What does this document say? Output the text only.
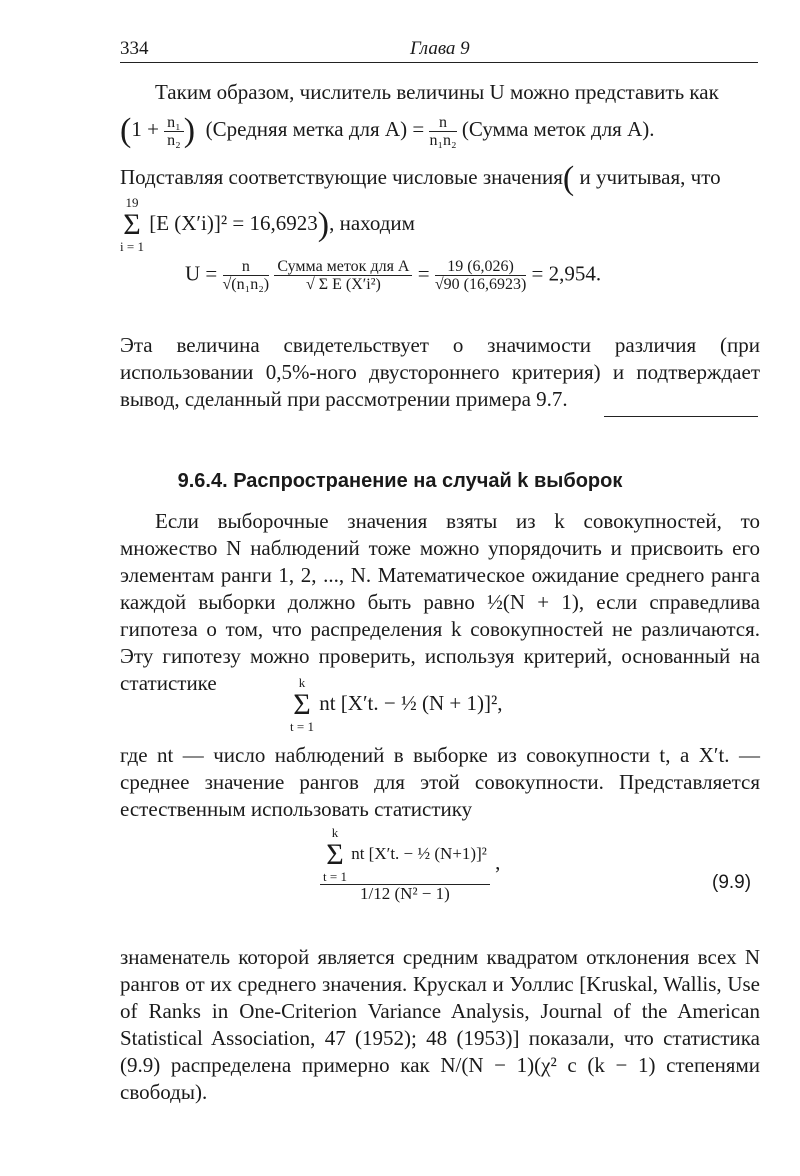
334	Глава 9
Таким образом, числитель величины U можно представить как
($1 + \frac{\text{n₁}}{\text{n₂}}$ ) (Средняя метка для $A) = \frac{n}{\text{n₁n₂}}$ (Сумма меток для A).
Подставляя соответствующие числовые значения( и учитывая, что
19
Σ
i = 1
[E (X′i)]² = 16,6923), находим
$U = \frac{n}{\text{√(n₁n₂)}}$
$\frac{\text{Сумма меток для A}}{\text{√ Σ E (X′i²)}} = \frac{19 (6,026)}{√90 (16,6923)} = 2,954$.
Эта величина свидетельствует о значимости различия (при использовании 0,5%-ного двустороннего критерия) и подтверждает вывод, сделанный при рассмотрении примера 9.7.
9.6.4. Распространение на случай k выборок
Если выборочные значения взяты из k совокупностей, то множество N наблюдений тоже можно упорядочить и присвоить его элементам ранги 1, 2, ..., N. Математическое ожидание среднего ранга каждой выборки должно быть равно ½(N + 1), если справедлива гипотеза о том, что распределения k совокупностей не различаются. Эту гипотезу можно проверить, используя критерий, основанный на статистике	k
Σ
t = 1
nt [X′t. − ½ (N + 1)]²,
где nt — число наблюдений в выборке из совокупности t, а X′t. — среднее значение рангов для этой совокупности. Представляется естественным использовать статистику
k
Σ
t = 1
nt [X′t. − ½ (N+1)]²
1/12 (N² − 1) ,
(9.9)
знаменатель которой является средним квадратом отклонения всех N рангов от их среднего значения. Крускал и Уоллис [Kruskal, Wallis, Use of Ranks in One-Criterion Variance Analysis, Journal of the American Statistical Association, 47 (1952); 48 (1953)] показали, что статистика (9.9) распределена примерно как N/(N − 1)(χ² с (k − 1) степенями свободы).
